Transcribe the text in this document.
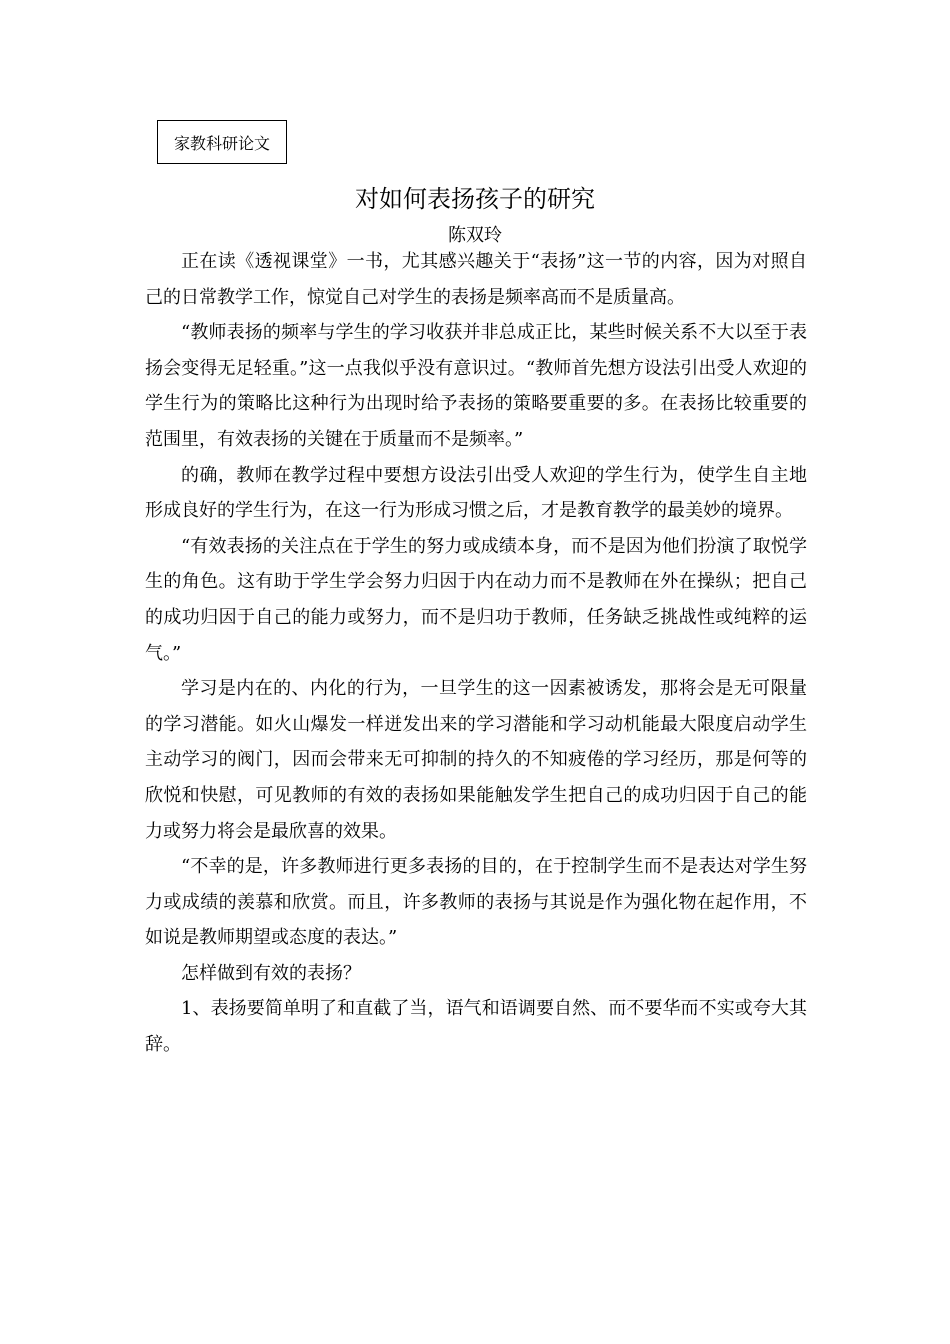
家教科研论文
对如何表扬孩子的研究
陈双玲

正在读《透视课堂》一书，尤其感兴趣关于“表扬”这一节的内容，因为对照自己的日常教学工作，惊觉自己对学生的表扬是频率高而不是质量高。

“教师表扬的频率与学生的学习收获并非总成正比，某些时候关系不大以至于表扬会变得无足轻重。”这一点我似乎没有意识过。“教师首先想方设法引出受人欢迎的学生行为的策略比这种行为出现时给予表扬的策略要重要的多。在表扬比较重要的范围里，有效表扬的关键在于质量而不是频率。”

的确，教师在教学过程中要想方设法引出受人欢迎的学生行为，使学生自主地形成良好的学生行为，在这一行为形成习惯之后，才是教育教学的最美妙的境界。

“有效表扬的关注点在于学生的努力或成绩本身，而不是因为他们扮演了取悦学生的角色。这有助于学生学会努力归因于内在动力而不是教师在外在操纵；把自己的成功归因于自己的能力或努力，而不是归功于教师，任务缺乏挑战性或纯粹的运气。”

学习是内在的、内化的行为，一旦学生的这一因素被诱发，那将会是无可限量的学习潜能。如火山爆发一样迸发出来的学习潜能和学习动机能最大限度启动学生主动学习的阀门，因而会带来无可抑制的持久的不知疲倦的学习经历，那是何等的欣悦和快慰，可见教师的有效的表扬如果能触发学生把自己的成功归因于自己的能力或努力将会是最欣喜的效果。

“不幸的是，许多教师进行更多表扬的目的，在于控制学生而不是表达对学生努力或成绩的羡慕和欣赏。而且，许多教师的表扬与其说是作为强化物在起作用，不如说是教师期望或态度的表达。”

怎样做到有效的表扬？

1、表扬要简单明了和直截了当，语气和语调要自然、而不要华而不实或夸大其辞。
